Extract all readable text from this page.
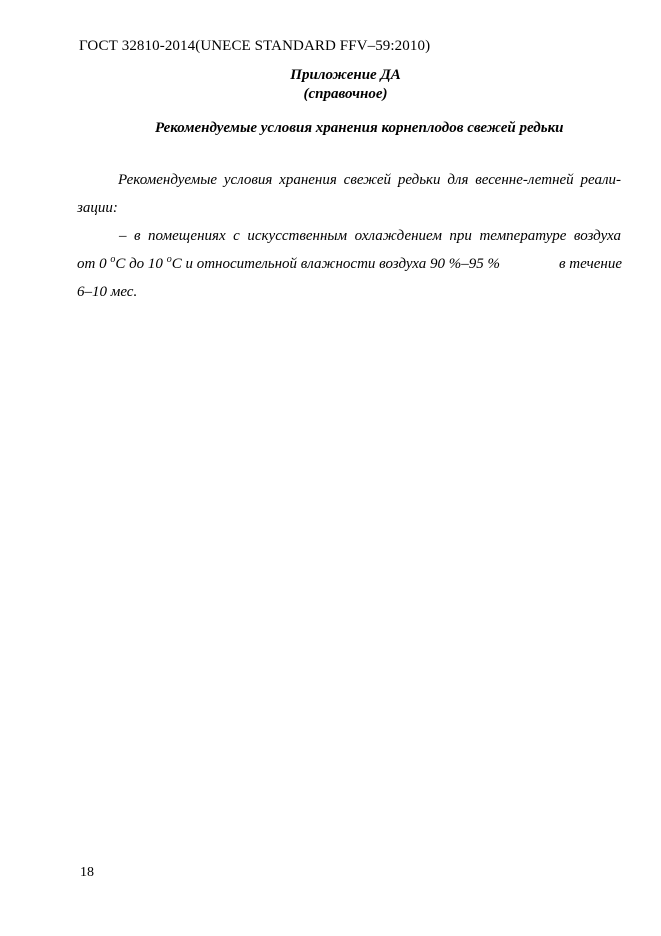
ГОСТ 32810-2014(UNECE STANDARD FFV–59:2010)
Приложение ДА
(справочное)
Рекомендуемые условия хранения корнеплодов свежей редьки
Рекомендуемые условия хранения свежей редьки для весенне-летней реали-
зации:
– в помещениях с искусственным охлаждением при температуре воздуха
от 0 $^о$С до 10 $^о$С и относительной влажности воздуха 90 %–95 %	в течение
6–10 мес.
18
